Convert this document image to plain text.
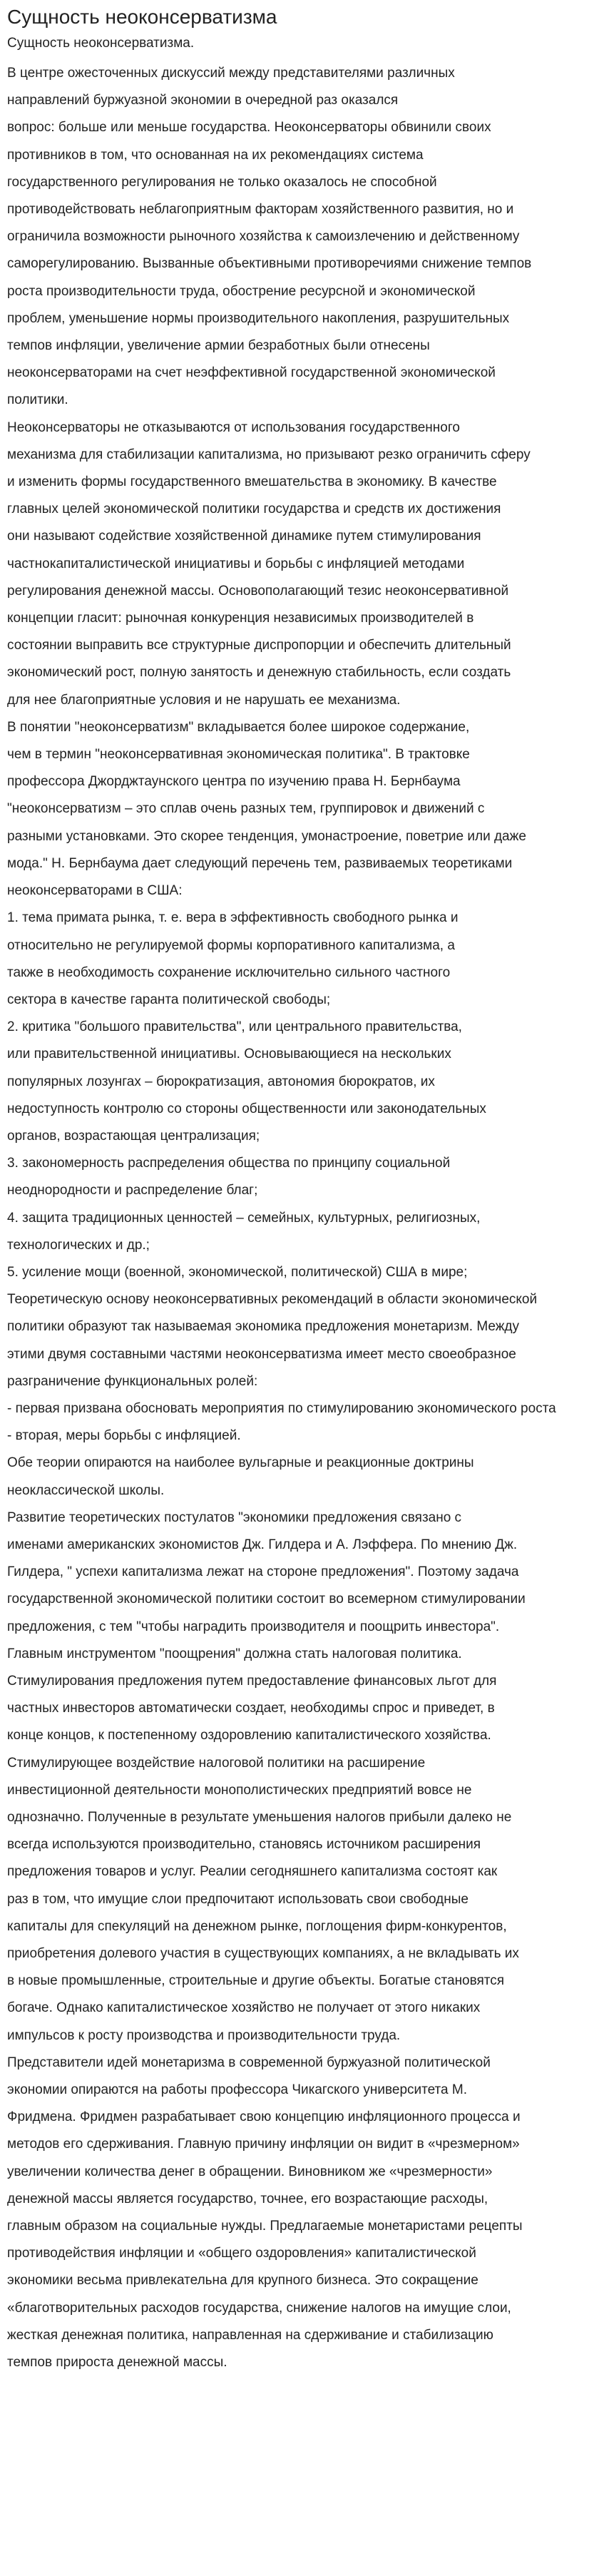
Сущность неоконсерватизма
Сущность неоконсерватизма.

В центре ожесточенных дискуссий между представителями различных

направлений буржуазной экономии в очередной раз оказался

вопрос: больше или меньше государства. Неоконсерваторы обвинили своих

противников в том, что основанная на их рекомендациях система

государственного регулирования не только оказалось не способной

противодействовать неблагоприятным факторам хозяйственного развития, но и

ограничила возможности рыночного хозяйства к самоизлечению и действенному

саморегулированию. Вызванные объективными противоречиями снижение темпов

роста производительности труда, обострение ресурсной и экономической

проблем, уменьшение нормы производительного накопления, разрушительных

темпов инфляции, увеличение армии безработных были отнесены

неоконсерваторами на счет неэффективной государственной экономической

политики.

Неоконсерваторы не отказываются от использования государственного

механизма для стабилизации капитализма, но призывают резко ограничить сферу

и изменить формы государственного вмешательства в экономику. В качестве

главных целей экономической политики государства и средств их достижения

они называют содействие хозяйственной динамике путем стимулирования

частнокапиталистической инициативы и борьбы с инфляцией методами

регулирования денежной массы. Основополагающий тезис неоконсервативной

концепции гласит: рыночная конкуренция независимых производителей в

состоянии выправить все структурные диспропорции и обеспечить длительный

экономический рост, полную занятость и денежную стабильность, если создать

для нее благоприятные условия и не нарушать ее механизма.

В понятии "неоконсерватизм" вкладывается более широкое содержание,

чем в термин "неоконсервативная экономическая политика". В трактовке

профессора Джорджтаунского центра по изучению права Н. Бернбаума

"неоконсерватизм – это сплав очень разных тем, группировок и движений с

разными установками. Это скорее тенденция, умонастроение, поветрие или даже

мода." Н. Бернбаума дает следующий перечень тем, развиваемых теоретиками

неоконсерваторами в США:

1. тема примата рынка, т. е. вера в эффективность свободного рынка и

относительно не регулируемой формы корпоративного капитализма, а

также в необходимость сохранение исключительно сильного частного

сектора в качестве гаранта политической свободы;

2. критика "большого правительства", или центрального правительства,

или правительственной инициативы. Основывающиеся на нескольких

популярных лозунгах – бюрократизация, автономия бюрократов, их

недоступность контролю со стороны общественности или законодательных

органов, возрастающая централизация;

3. закономерность распределения общества по принципу социальной

неоднородности и распределение благ;

4. защита традиционных ценностей – семейных, культурных, религиозных,

технологических и др.;

5. усиление мощи (военной, экономической, политической) США в мире;

Теоретическую основу неоконсервативных рекомендаций в области экономической

политики образуют так называемая экономика предложения монетаризм. Между

этими двумя составными частями неоконсерватизма имеет место своеобразное

разграничение функциональных ролей:

- первая призвана обосновать мероприятия по стимулированию экономического роста

- вторая, меры борьбы с инфляцией.

Обе теории опираются на наиболее вульгарные и реакционные доктрины

неоклассической школы.

Развитие теоретических постулатов "экономики предложения связано с

именами американских экономистов Дж. Гилдера и А. Лэффера. По мнению Дж.

Гилдера, " успехи капитализма лежат на стороне предложения". Поэтому задача

государственной экономической политики состоит во всемерном стимулировании

предложения, с тем "чтобы наградить производителя и поощрить инвестора".

Главным инструментом "поощрения" должна стать налоговая политика.

Стимулирования предложения путем предоставление финансовых льгот для

частных инвесторов автоматически создает, необходимы спрос и приведет, в

конце концов, к постепенному оздоровлению капиталистического хозяйства.

Стимулирующее воздействие налоговой политики на расширение

инвестиционной деятельности монополистических предприятий вовсе не

однозначно. Полученные в результате уменьшения налогов прибыли далеко не

всегда используются производительно, становясь источником расширения

предложения товаров и услуг. Реалии сегодняшнего капитализма состоят как

раз в том, что имущие слои предпочитают использовать свои свободные

капиталы для спекуляций на денежном рынке, поглощения фирм-конкурентов,

приобретения долевого участия в существующих компаниях, а не вкладывать их

в новые промышленные, строительные и другие объекты. Богатые становятся

богаче. Однако капиталистическое хозяйство не получает от этого никаких

импульсов к росту производства и производительности труда.

Представители идей монетаризма в современной буржуазной политической

экономии опираются на работы профессора Чикагского университета М.

Фридмена. Фридмен разрабатывает свою концепцию инфляционного процесса и

методов его сдерживания. Главную причину инфляции он видит в «чрезмерном»

увеличении количества денег в обращении. Виновником же «чрезмерности»

денежной массы является государство, точнее, его возрастающие расходы,

главным образом на социальные нужды. Предлагаемые монетаристами рецепты

противодействия инфляции и «общего оздоровления» капиталистической

экономики весьма привлекательна для крупного бизнеса. Это сокращение

«благотворительных расходов государства, снижение налогов на имущие слои,

жесткая денежная политика, направленная на сдерживание и стабилизацию

темпов прироста денежной массы.
